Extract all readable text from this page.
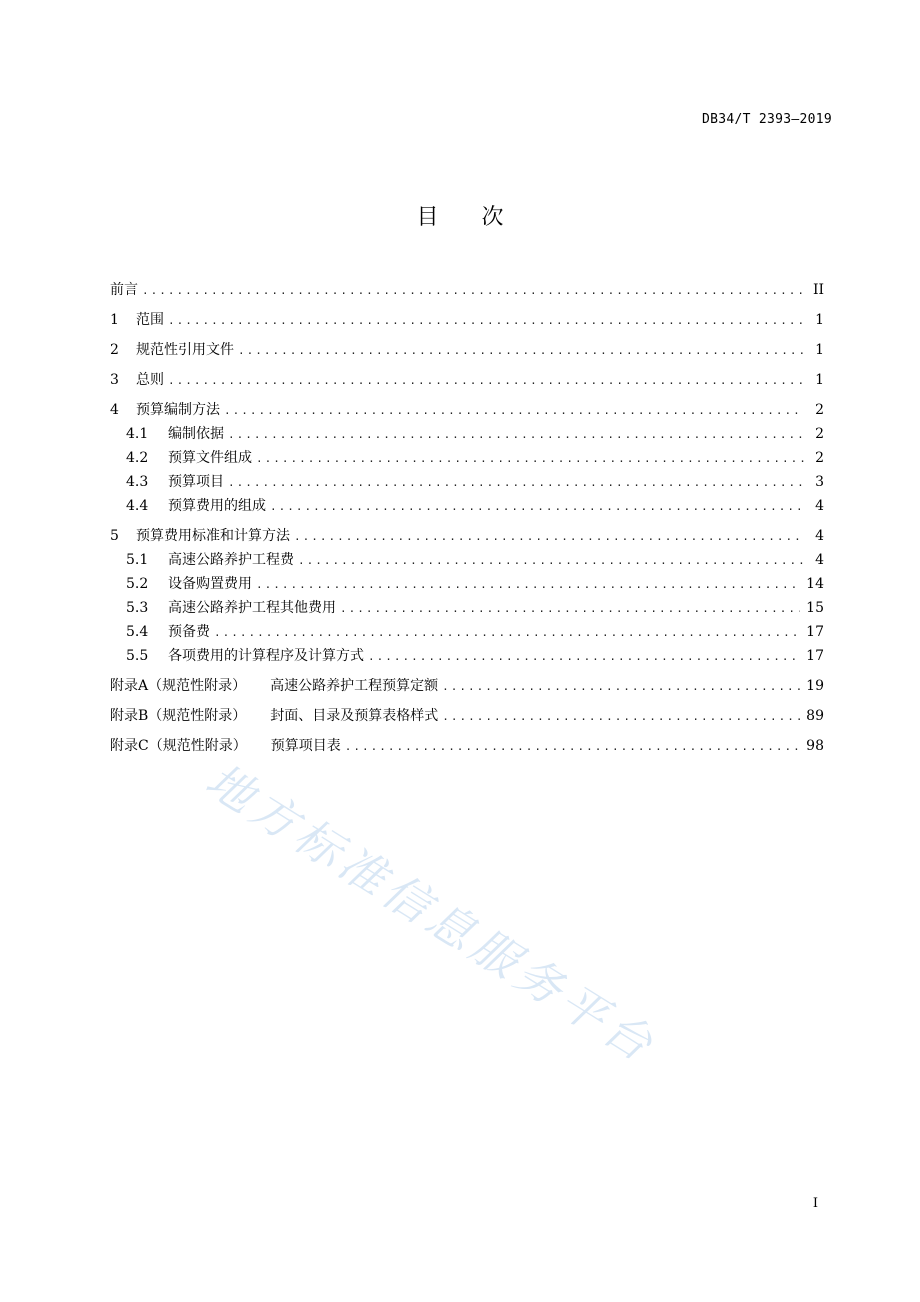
DB34/T 2393—2019
目 次
前言 .....	II
1	范围 .....	1
2	规范性引用文件 .....	1
3	总则 .....	1
4	预算编制方法 .....	2
4.1	编制依据 .....	2
4.2	预算文件组成 .....	2
4.3	预算项目 .....	3
4.4	预算费用的组成 .....	4
5	预算费用标准和计算方法 .....	4
5.1	高速公路养护工程费 .....	4
5.2	设备购置费用 .....	14
5.3	高速公路养护工程其他费用 .....	15
5.4	预备费 .....	17
5.5	各项费用的计算程序及计算方式 .....	17
附录A（规范性附录） 高速公路养护工程预算定额 .....	19
附录B（规范性附录） 封面、目录及预算表格样式 .....	89
附录C（规范性附录） 预算项目表 .....	98
地方标准信息服务平台
I
